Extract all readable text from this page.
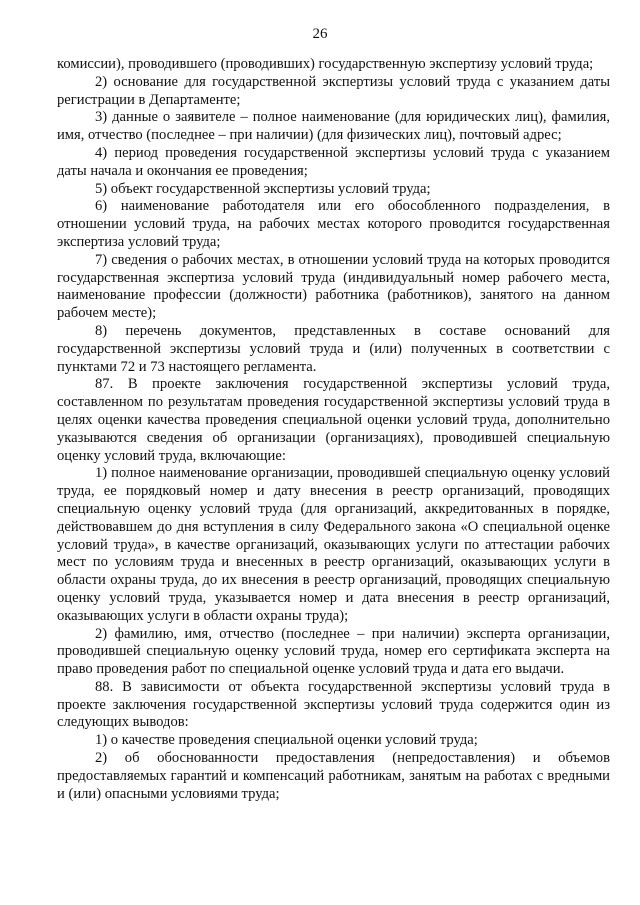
26

комиссии), проводившего (проводивших) государственную экспертизу условий труда;

2) основание для государственной экспертизы условий труда с указанием даты регистрации в Департаменте;

3) данные о заявителе – полное наименование (для юридических лиц), фамилия, имя, отчество (последнее – при наличии) (для физических лиц), почтовый адрес;

4) период проведения государственной экспертизы условий труда с указанием даты начала и окончания ее проведения;

5) объект государственной экспертизы условий труда;

6) наименование работодателя или его обособленного подразделения, в отношении условий труда, на рабочих местах которого проводится государственная экспертиза условий труда;

7) сведения о рабочих местах, в отношении условий труда на которых проводится государственная экспертиза условий труда (индивидуальный номер рабочего места, наименование профессии (должности) работника (работников), занятого на данном рабочем месте);

8) перечень документов, представленных в составе оснований для государственной экспертизы условий труда и (или) полученных в соответствии с пунктами 72 и 73 настоящего регламента.

87. В проекте заключения государственной экспертизы условий труда, составленном по результатам проведения государственной экспертизы условий труда в целях оценки качества проведения специальной оценки условий труда, дополнительно указываются сведения об организации (организациях), проводившей специальную оценку условий труда, включающие:

1) полное наименование организации, проводившей специальную оценку условий труда, ее порядковый номер и дату внесения в реестр организаций, проводящих специальную оценку условий труда (для организаций, аккредитованных в порядке, действовавшем до дня вступления в силу Федерального закона «О специальной оценке условий труда», в качестве организаций, оказывающих услуги по аттестации рабочих мест по условиям труда и внесенных в реестр организаций, оказывающих услуги в области охраны труда, до их внесения в реестр организаций, проводящих специальную оценку условий труда, указывается номер и дата внесения в реестр организаций, оказывающих услуги в области охраны труда);

2) фамилию, имя, отчество (последнее – при наличии) эксперта организации, проводившей специальную оценку условий труда, номер его сертификата эксперта на право проведения работ по специальной оценке условий труда и дата его выдачи.

88. В зависимости от объекта государственной экспертизы условий труда в проекте заключения государственной экспертизы условий труда содержится один из следующих выводов:

1) о качестве проведения специальной оценки условий труда;

2) об обоснованности предоставления (непредоставления) и объемов предоставляемых гарантий и компенсаций работникам, занятым на работах с вредными и (или) опасными условиями труда;
